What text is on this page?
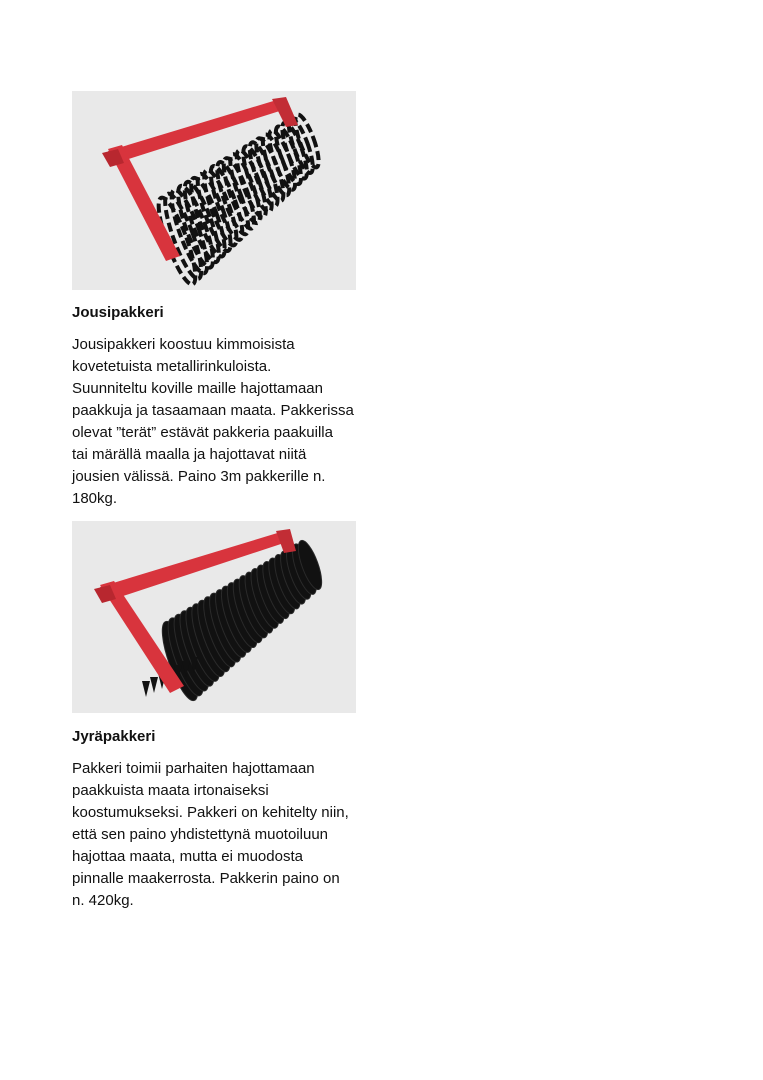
Jousipakkeri

Jousipakkeri koostuu kimmoisista
kovetetuista metallirinkuloista.
Suunniteltu koville maille hajottamaan
paakkuja ja tasaamaan maata. Pakkerissa
olevat ”terät” estävät pakkeria paakuilla
tai märällä maalla ja hajottavat niitä
jousien välissä. Paino 3m pakkerille n.
180kg.

Jyräpakkeri

Pakkeri toimii parhaiten hajottamaan
paakkuista maata irtonaiseksi
koostumukseksi. Pakkeri on kehitelty niin,
että sen paino yhdistettynä muotoiluun
hajottaa maata, mutta ei muodosta
pinnalle maakerrosta. Pakkerin paino on
n. 420kg.
